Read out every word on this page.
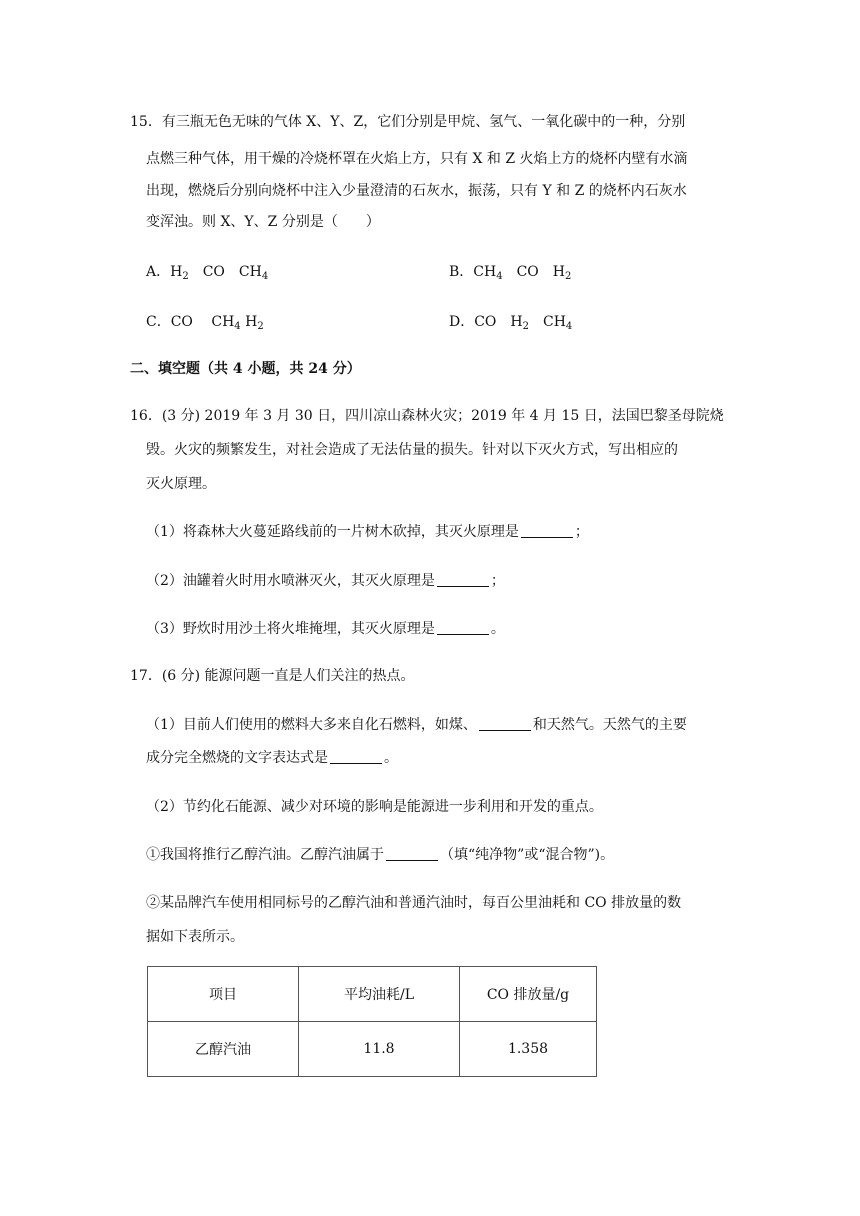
15．有三瓶无色无味的气体 X、Y、Z，它们分别是甲烷、氢气、一氧化碳中的一种，分别
点燃三种气体，用干燥的冷烧杯罩在火焰上方，只有 X 和 Z 火焰上方的烧杯内壁有水滴
出现，燃烧后分别向烧杯中注入少量澄清的石灰水，振荡，只有 Y 和 Z 的烧杯内石灰水
变浑浊。则 X、Y、Z 分别是（　　）
A．$H_2$　CO　$CH_4$	B．$CH_4$　CO　$H_2$
C．CO　 $CH_4$ $H_2$	D．CO　$H_2$　$CH_4$
二、填空题（共 4 小题，共 24 分）
16．(3 分) 2019 年 3 月 30 日，四川凉山森林火灾；2019 年 4 月 15 日，法国巴黎圣母院烧
毁。火灾的频繁发生，对社会造成了无法估量的损失。针对以下灭火方式，写出相应的
灭火原理。
（1）将森林大火蔓延路线前的一片树木砍掉，其灭火原理是	；
（2）油罐着火时用水喷淋灭火，其灭火原理是	；
（3）野炊时用沙土将火堆掩埋，其灭火原理是	。
17．(6 分) 能源问题一直是人们关注的热点。
（1）目前人们使用的燃料大多来自化石燃料，如煤、	和天然气。天然气的主要
成分完全燃烧的文字表达式是	。
（2）节约化石能源、减少对环境的影响是能源进一步利用和开发的重点。
①我国将推行乙醇汽油。乙醇汽油属于	（填“纯净物”或“混合物”)。
②某品牌汽车使用相同标号的乙醇汽油和普通汽油时，每百公里油耗和 CO 排放量的数
据如下表所示。
项目	平均油耗/L	CO 排放量/g
乙醇汽油	11.8	1.358
